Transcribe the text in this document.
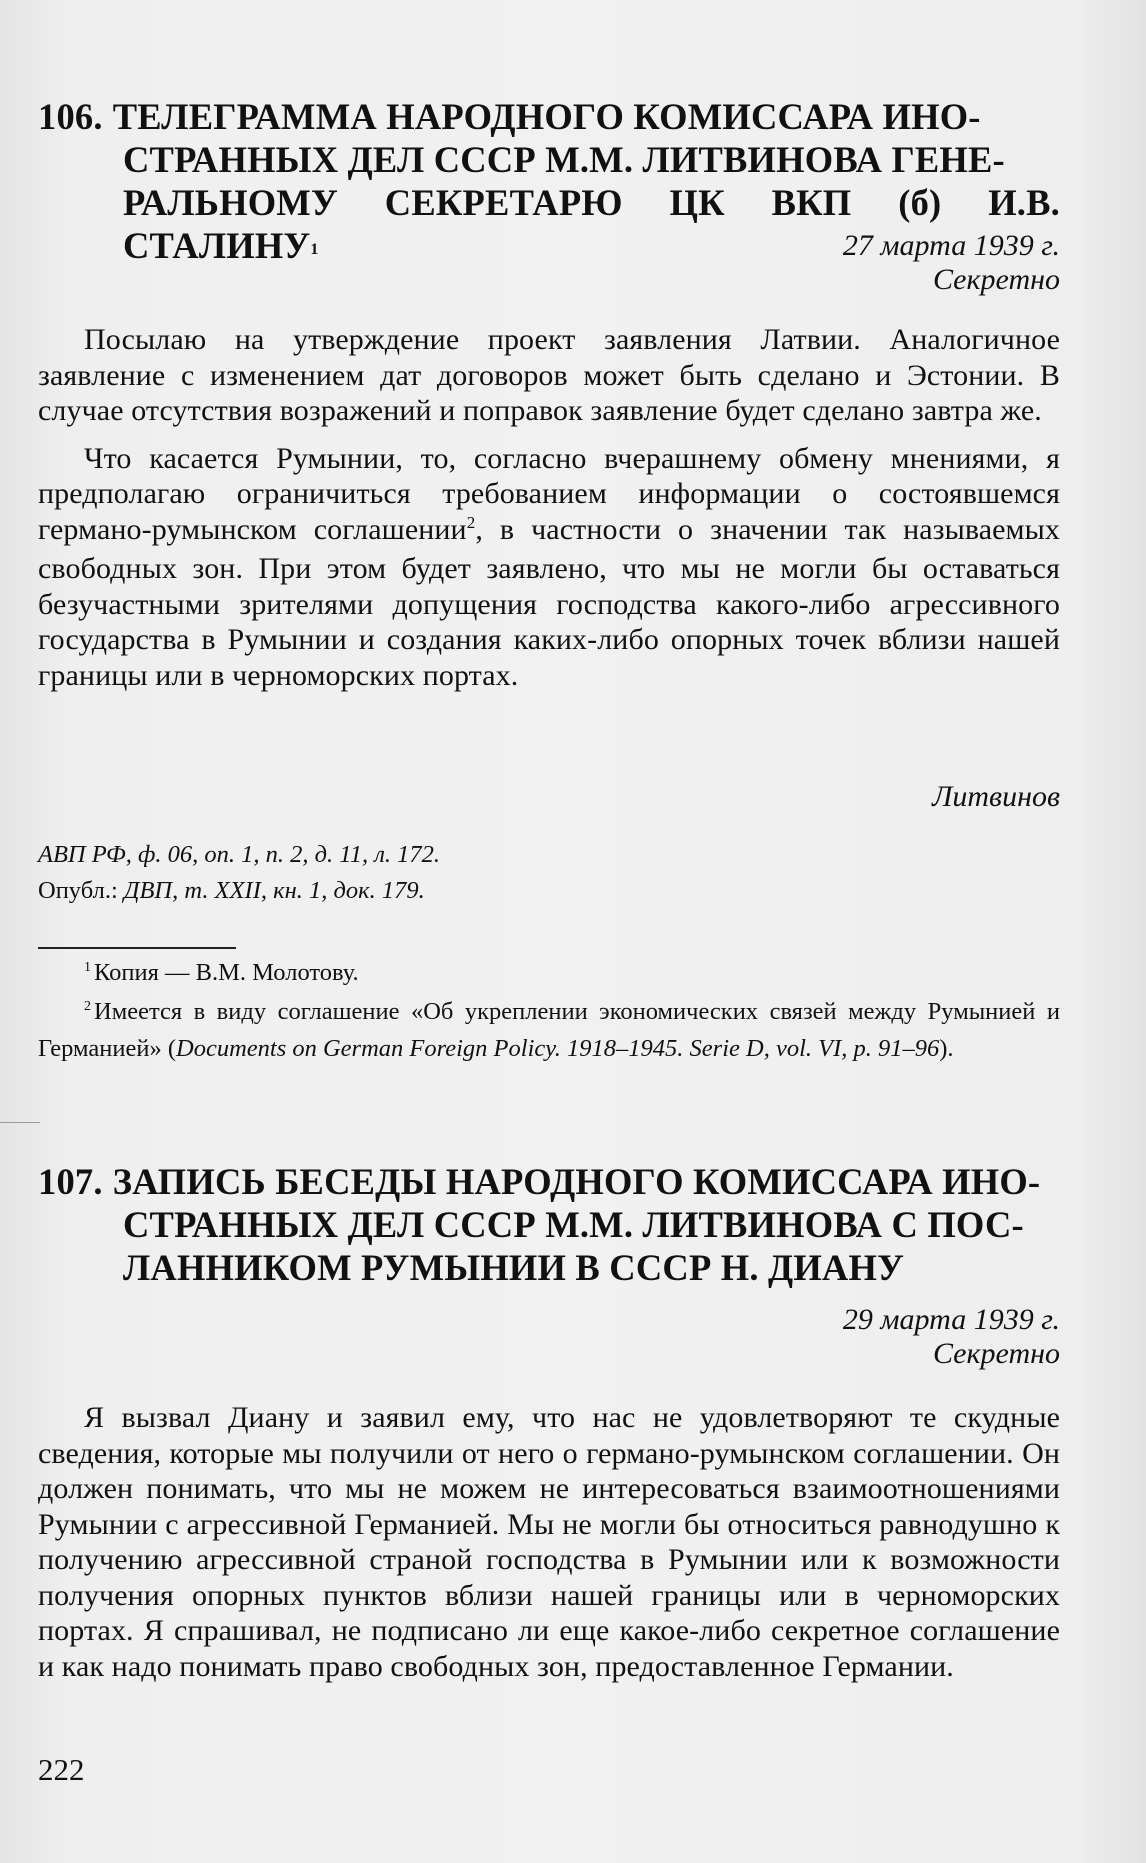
106. ТЕЛЕГРАММА НАРОДНОГО КОМИССАРА ИНО-
СТРАННЫХ ДЕЛ СССР М.М. ЛИТВИНОВА ГЕНЕ-
РАЛЬНОМУ СЕКРЕТАРЮ ЦК ВКП (б) И.В. СТАЛИНУ$^1$	27 марта 1939 г.
Секретно

Посылаю на утверждение проект заявления Латвии. Аналогичное заявление с изменением дат договоров может быть сделано и Эстонии. В случае отсутствия возражений и поправок заявление будет сделано завтра же.

Что касается Румынии, то, согласно вчерашнему обмену мнениями, я предполагаю ограничиться требованием информации о состоявшемся германо-румынском соглашении$^2$, в частности о значении так называемых свободных зон. При этом будет заявлено, что мы не могли бы оставаться безучастными зрителями допущения господства какого-либо агрессивного государства в Румынии и создания каких-либо опорных точек вблизи нашей границы или в черноморских портах.

Литвинов
АВП РФ, ф. 06, оп. 1, п. 2, д. 11, л. 172.
Опубл.: ДВП, т. XXII, кн. 1, док. 179.
$^1$ Копия — В.М. Молотову.
$^2$ Имеется в виду соглашение «Об укреплении экономических связей между Румынией и Германией» (Documents on German Foreign Policy. 1918–1945. Serie D, vol. VI, p. 91–96).
107. ЗАПИСЬ БЕСЕДЫ НАРОДНОГО КОМИССАРА ИНО-
СТРАННЫХ ДЕЛ СССР М.М. ЛИТВИНОВА С ПОС-
ЛАННИКОМ РУМЫНИИ В СССР Н. ДИАНУ
29 марта 1939 г.
Секретно

Я вызвал Диану и заявил ему, что нас не удовлетворяют те скудные сведения, которые мы получили от него о германо-румынском соглашении. Он должен понимать, что мы не можем не интересоваться взаимоотношениями Румынии с агрессивной Германией. Мы не могли бы относиться равнодушно к получению агрессивной страной господства в Румынии или к возможности получения опорных пунктов вблизи нашей границы или в черноморских портах. Я спрашивал, не подписано ли еще какое-либо секретное соглашение и как надо понимать право свободных зон, предоставленное Германии.

222
